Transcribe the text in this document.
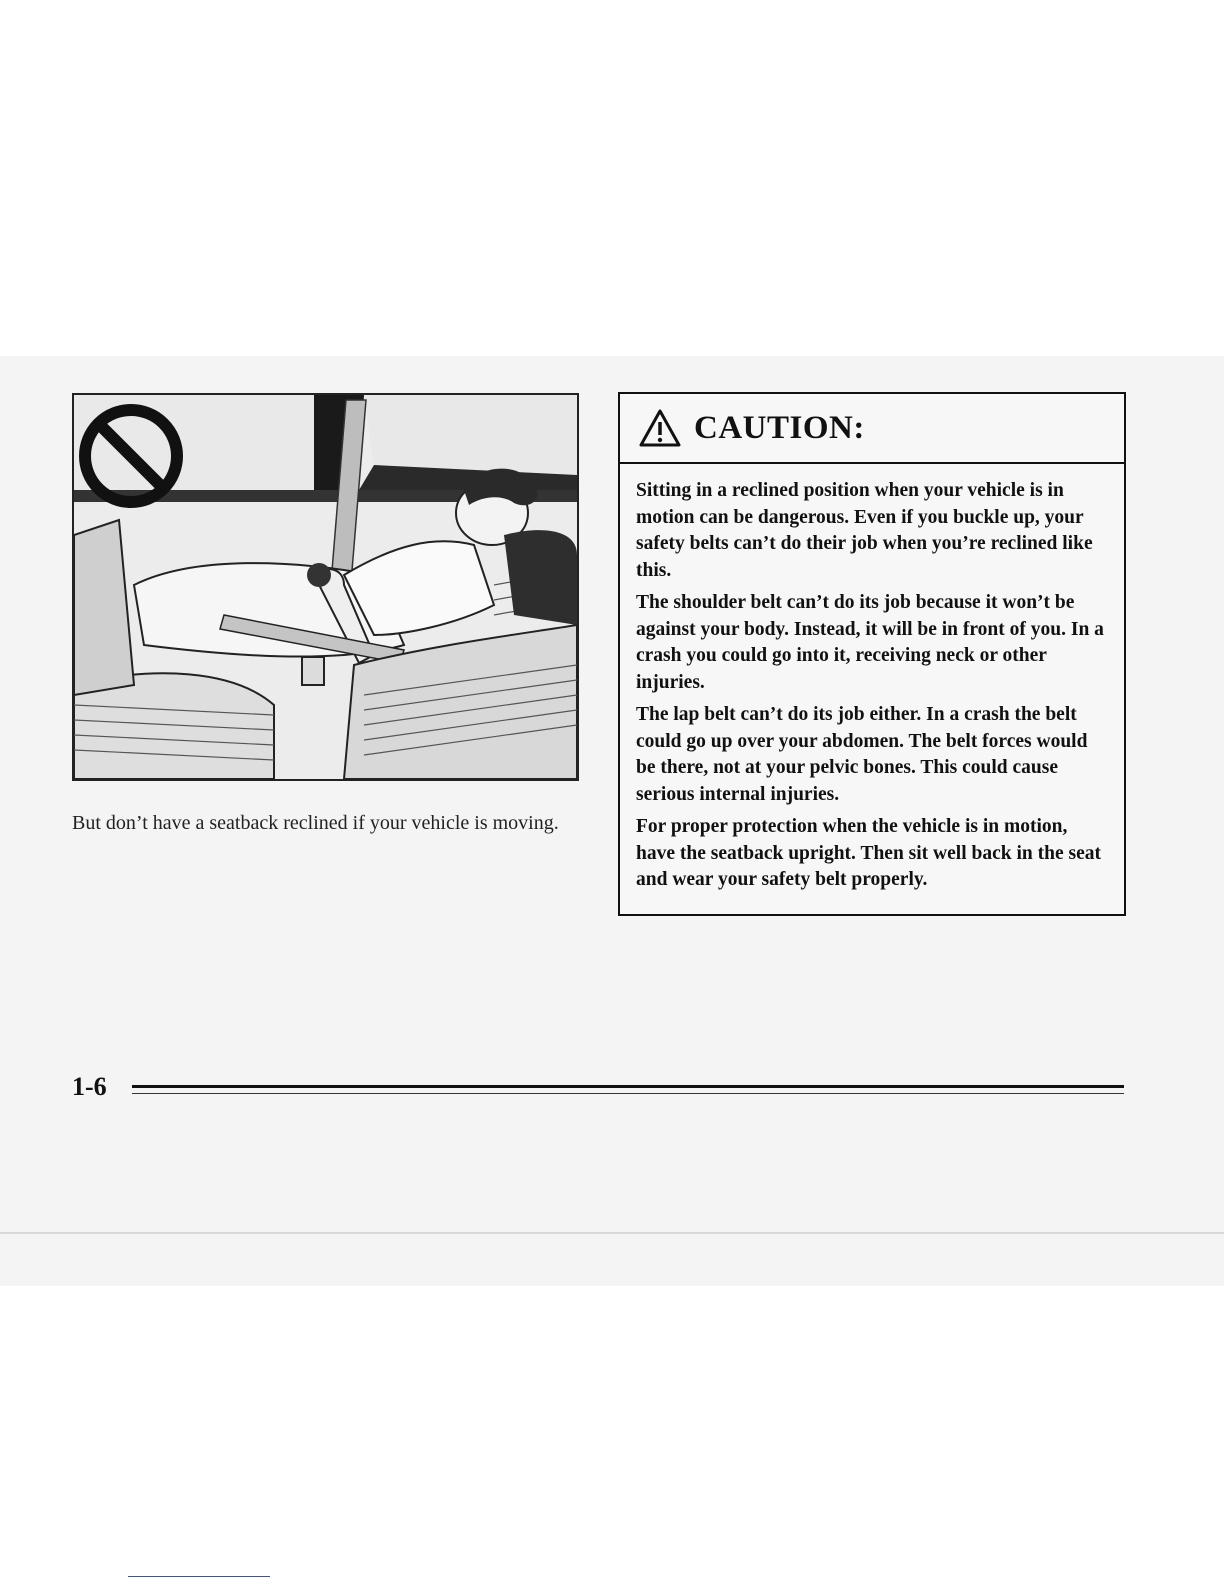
But don’t have a seatback reclined if your vehicle is moving.
CAUTION:

Sitting in a reclined position when your vehicle is in motion can be dangerous. Even if you buckle up, your safety belts can’t do their job when you’re reclined like this.

The shoulder belt can’t do its job because it won’t be against your body. Instead, it will be in front of you. In a crash you could go into it, receiving neck or other injuries.

The lap belt can’t do its job either. In a crash the belt could go up over your abdomen. The belt forces would be there, not at your pelvic bones. This could cause serious internal injuries.

For proper protection when the vehicle is in motion, have the seatback upright. Then sit well back in the seat and wear your safety belt properly.

1-6
